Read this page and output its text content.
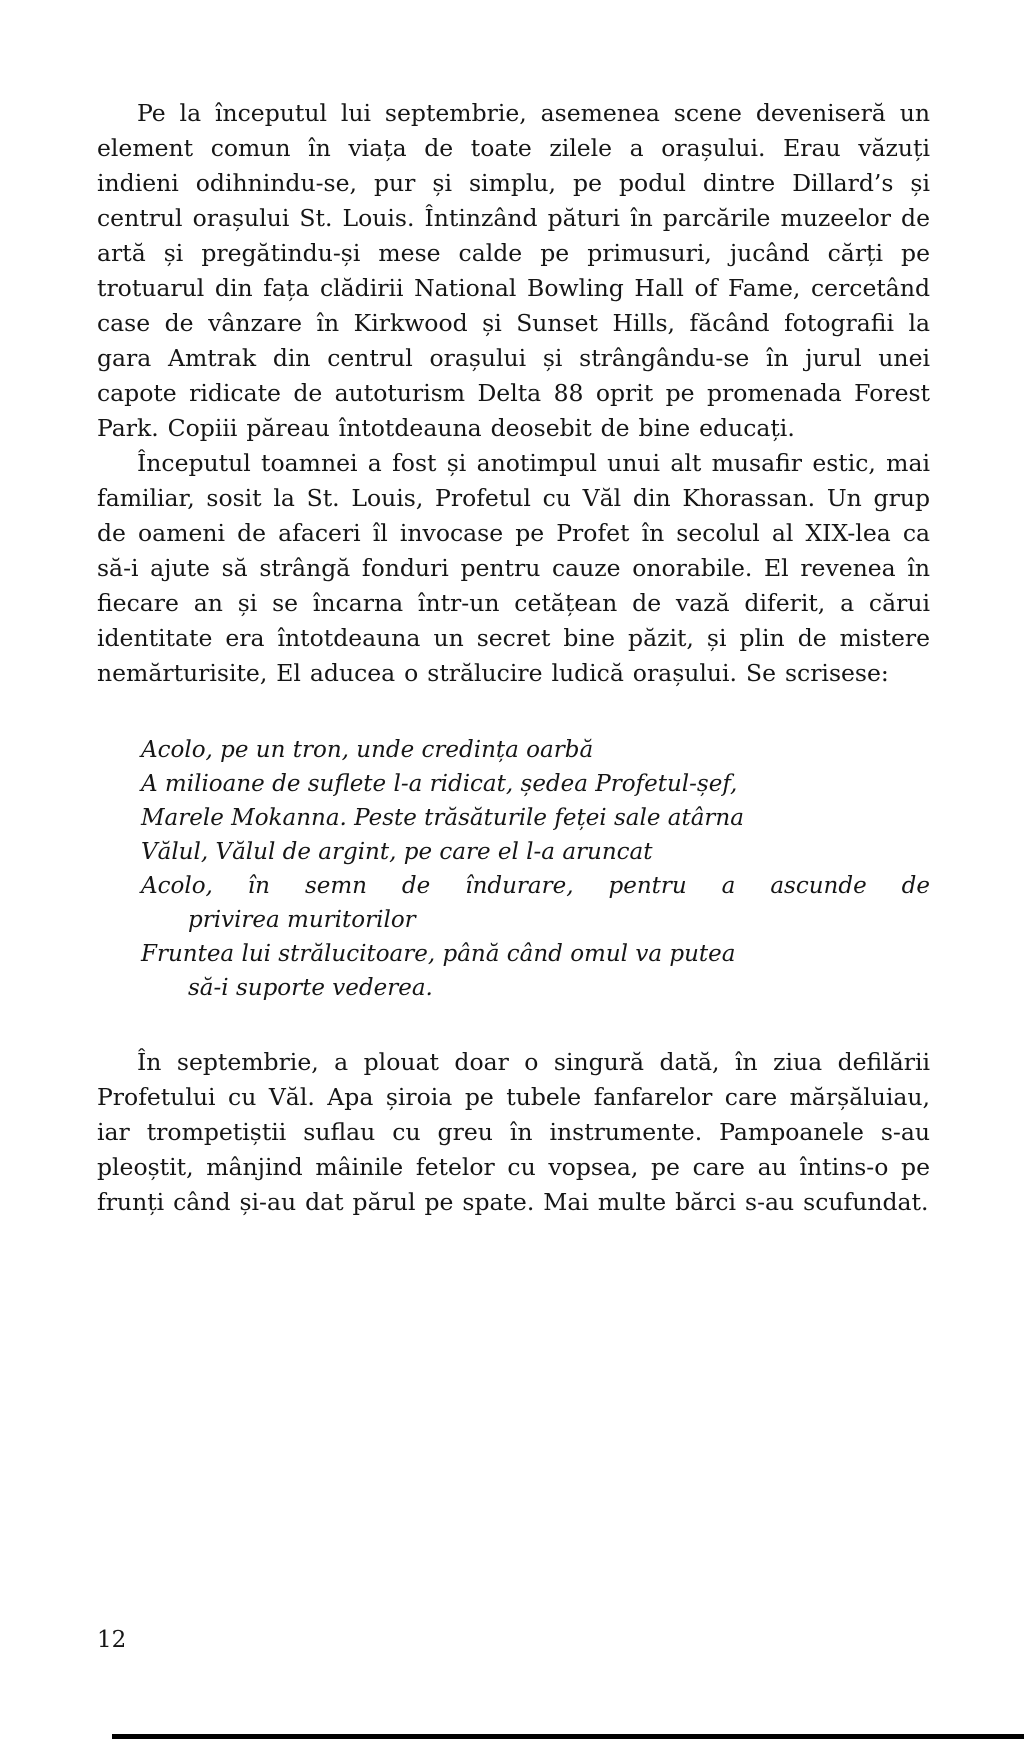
Pe la începutul lui septembrie, asemenea scene deveniseră un element comun în viața de toate zilele a orașului. Erau văzuți indieni odihnindu-se, pur și simplu, pe podul dintre Dillard’s și centrul orașului St. Louis. Întinzând pături în parcările muzeelor de artă și pregătindu-și mese calde pe primusuri, jucând cărți pe trotuarul din fața clădirii National Bowling Hall of Fame, cercetând case de vânzare în Kirkwood și Sunset Hills, făcând fotografii la gara Amtrak din centrul orașului și strângându-se în jurul unei capote ridicate de autoturism Delta 88 oprit pe promenada Forest Park. Copiii păreau întotdeauna deosebit de bine educați.

Începutul toamnei a fost și anotimpul unui alt musafir estic, mai familiar, sosit la St. Louis, Profetul cu Văl din Khorassan. Un grup de oameni de afaceri îl invocase pe Profet în secolul al XIX-lea ca să-i ajute să strângă fonduri pentru cauze onorabile. El revenea în fiecare an și se încarna într-un cetățean de vază diferit, a cărui identitate era întotdeauna un secret bine păzit, și plin de mistere nemărturisite, El aducea o strălucire ludică orașului. Se scrisese:

Acolo, pe un tron, unde credința oarbă
A milioane de suflete l-a ridicat, ședea Profetul-șef,
Marele Mokanna. Peste trăsăturile feței sale atârna
Vălul, Vălul de argint, pe care el l-a aruncat
Acolo, în semn de îndurare, pentru a ascunde de
privirea muritorilor
Fruntea lui strălucitoare, până când omul va putea
să-i suporte vederea.

În septembrie, a plouat doar o singură dată, în ziua defilării Profetului cu Văl. Apa șiroia pe tubele fanfarelor care mărșăluiau, iar trompetiștii suflau cu greu în instrumente. Pampoanele s-au pleoștit, mânjind mâinile fetelor cu vopsea, pe care au întins-o pe frunți când și-au dat părul pe spate. Mai multe bărci s-au scufundat.

12
